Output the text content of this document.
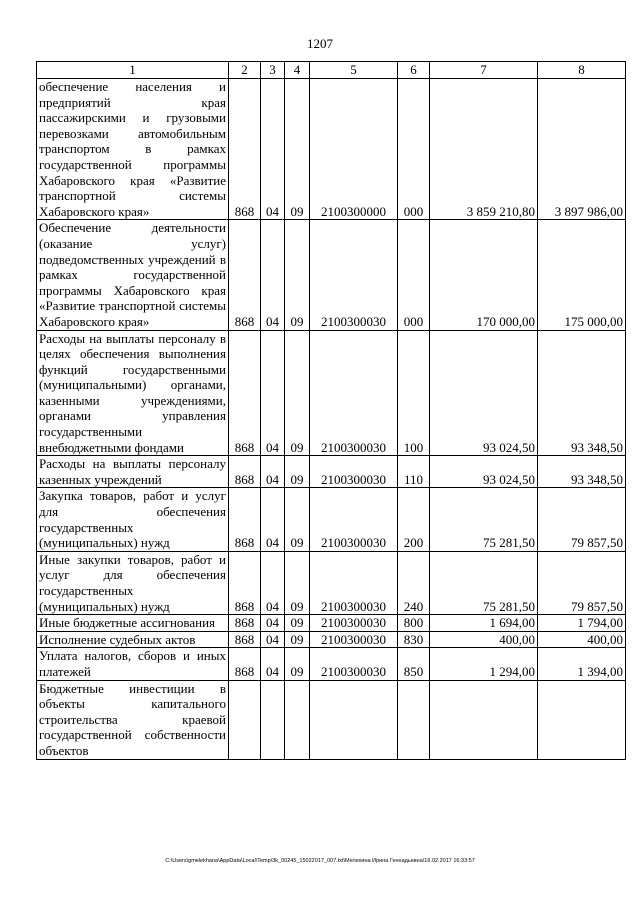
1207
1	2	3	4	5	6	7	8
обеспечение населения и предприятий края пассажирскими и грузовыми перевозками автомобильным транспортом в рамках государственной программы Хабаровского края «Развитие транспортной системы Хабаровского края»	868	04	09	2100300000	000	3 859 210,80	3 897 986,00
Обеспечение деятельности (оказание услуг) подведомственных учреждений в рамках государственной программы Хабаровского края «Развитие транспортной системы Хабаровского края»	868	04	09	2100300030	000	170 000,00	175 000,00
Расходы на выплаты персоналу в целях обеспечения выполнения функций государственными (муниципальными) органами, казенными учреждениями, органами управления государственными внебюджетными фондами	868	04	09	2100300030	100	93 024,50	93 348,50
Расходы на выплаты персоналу казенных учреждений	868	04	09	2100300030	110	93 024,50	93 348,50
Закупка товаров, работ и услуг для обеспечения государственных (муниципальных) нужд	868	04	09	2100300030	200	75 281,50	79 857,50
Иные закупки товаров, работ и услуг для обеспечения государственных (муниципальных) нужд	868	04	09	2100300030	240	75 281,50	79 857,50
Иные бюджетные ассигнования	868	04	09	2100300030	800	1 694,00	1 794,00
Исполнение судебных актов	868	04	09	2100300030	830	400,00	400,00
Уплата налогов, сборов и иных платежей	868	04	09	2100300030	850	1 294,00	1 394,00
Бюджетные инвестиции в объекты капитального строительства краевой государственной собственности объектов							
C:\Users\gmelekhana\AppData\Local\Temp\3k_00245_15022017_007.txt\Мелехина Ирина Геннадьевна\16.02.2017 16:33:57
